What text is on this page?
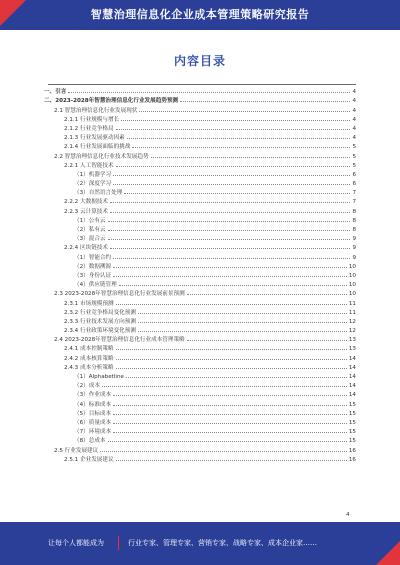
智慧治理信息化企业成本管理策略研究报告
内容目录
一、引言	4
二、2023-2028年智慧治理信息化行业发展趋势预测	4
2.1 智慧治理信息化行业发展现状	4
2.1.1 行业规模与增长	4
2.1.2 行业竞争格局	4
2.1.3 行业发展驱动因素	4
2.1.4 行业发展面临的挑战	5
2.2 智慧治理信息化行业技术发展趋势	5
2.2.1 人工智能技术	5
（1）机器学习	6
（2）深度学习	6
（3）自然语言处理	7
2.2.2 大数据技术	7
2.2.3 云计算技术	8
（1）公有云	8
（2）私有云	8
（3）混合云	9
2.2.4 区块链技术	9
（1）智能合约	9
（2）数据溯源	10
（3）身份认证	10
（4）供应链管理	10
2.3 2023-2028年智慧治理信息化行业发展前景预测	10
2.3.1 市场规模预测	11
2.3.2 行业竞争格局变化预测	11
2.3.3 行业技术发展方向预测	12
2.3.4 行业政策环境变化预测	12
2.4 2023-2028年智慧治理信息化行业成本管理策略	13
2.4.1 成本控制策略	13
2.4.2 成本核算策略	14
2.4.3 成本分析策略	14
（1）Alphabetline	14
（2）成本	14
（3）作业成本	14
（4）标准成本	15
（5）目标成本	15
（6）质量成本	15
（7）环境成本	15
（8）总成本	15
2.5 行业发展建议	16
2.5.1 企业发展建议	16
4
让每个人都能成为	行业专家、管理专家、营销专家、战略专家、成本企业家……
